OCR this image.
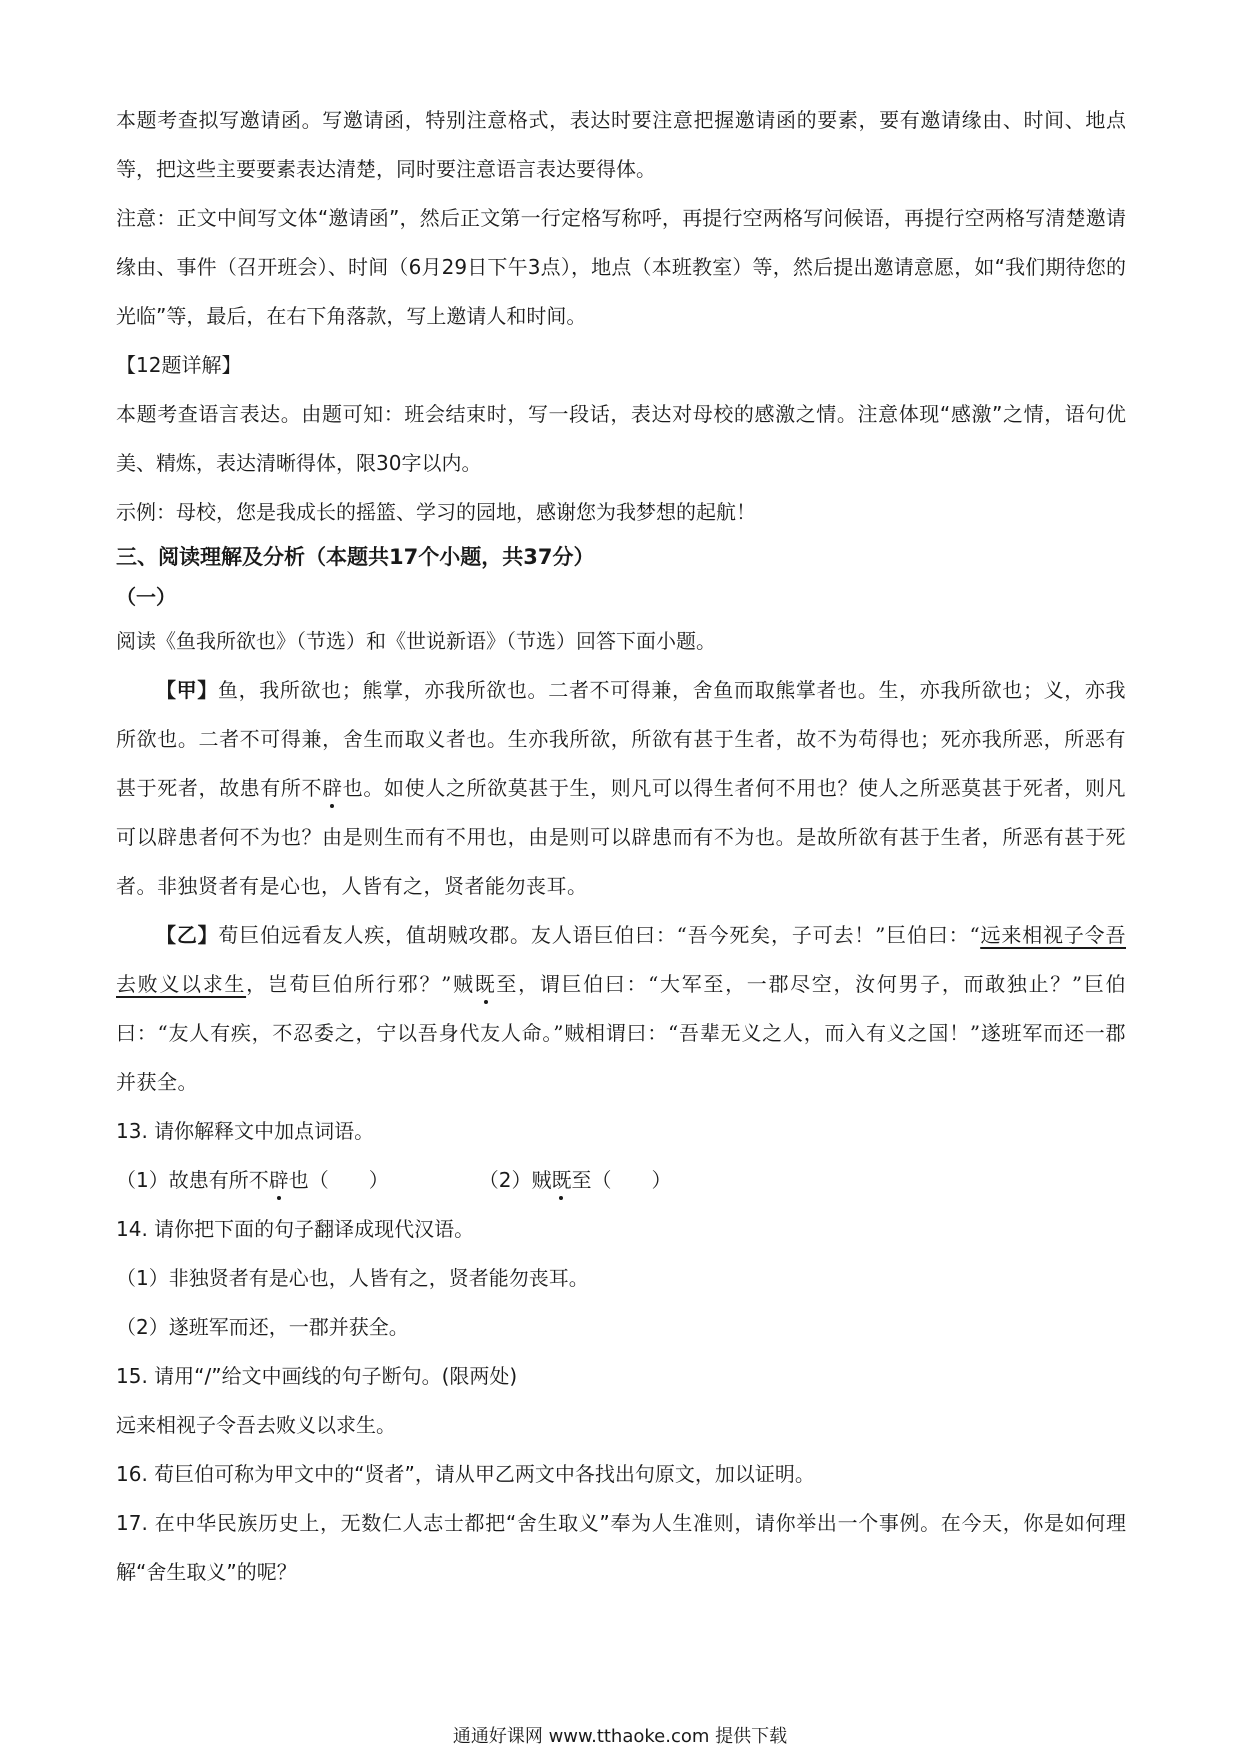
本题考查拟写邀请函。写邀请函，特别注意格式，表达时要注意把握邀请函的要素，要有邀请缘由、时间、地点等，把这些主要要素表达清楚，同时要注意语言表达要得体。

注意：正文中间写文体“邀请函”，然后正文第一行定格写称呼，再提行空两格写问候语，再提行空两格写清楚邀请缘由、事件（召开班会）、时间（6月29日下午3点），地点（本班教室）等，然后提出邀请意愿，如“我们期待您的光临”等，最后，在右下角落款，写上邀请人和时间。

【12题详解】

本题考查语言表达。由题可知：班会结束时，写一段话，表达对母校的感激之情。注意体现“感激”之情，语句优美、精炼，表达清晰得体，限30字以内。

示例：母校，您是我成长的摇篮、学习的园地，感谢您为我梦想的起航！

三、阅读理解及分析（本题共17个小题，共37分）

（一）

阅读《鱼我所欲也》（节选）和《世说新语》（节选）回答下面小题。

【甲】鱼，我所欲也；熊掌，亦我所欲也。二者不可得兼，舍鱼而取熊掌者也。生，亦我所欲也；义，亦我所欲也。二者不可得兼，舍生而取义者也。生亦我所欲，所欲有甚于生者，故不为苟得也；死亦我所恶，所恶有甚于死者，故患有所不辟也。如使人之所欲莫甚于生，则凡可以得生者何不用也？使人之所恶莫甚于死者，则凡可以辟患者何不为也？由是则生而有不用也，由是则可以辟患而有不为也。是故所欲有甚于生者，所恶有甚于死者。非独贤者有是心也，人皆有之，贤者能勿丧耳。

【乙】荀巨伯远看友人疾，值胡贼攻郡。友人语巨伯曰：“吾今死矣，子可去！”巨伯曰：“远来相视子令吾去败义以求生，岂荀巨伯所行邪？”贼既至，谓巨伯曰：“大军至，一郡尽空，汝何男子，而敢独止？”巨伯曰：“友人有疾，不忍委之，宁以吾身代友人命。”贼相谓曰：“吾辈无义之人，而入有义之国！”遂班军而还一郡并获全。

13. 请你解释文中加点词语。

（1）故患有所不辟也（　　）	（2）贼既至（　　）

14. 请你把下面的句子翻译成现代汉语。

（1）非独贤者有是心也，人皆有之，贤者能勿丧耳。

（2）遂班军而还，一郡并获全。

15. 请用“/”给文中画线的句子断句。(限两处)

远来相视子令吾去败义以求生。

16. 荀巨伯可称为甲文中的“贤者”，请从甲乙两文中各找出句原文，加以证明。

17. 在中华民族历史上，无数仁人志士都把“舍生取义”奉为人生准则，请你举出一个事例。在今天，你是如何理解“舍生取义”的呢？

通通好课网 www.tthaoke.com 提供下载
